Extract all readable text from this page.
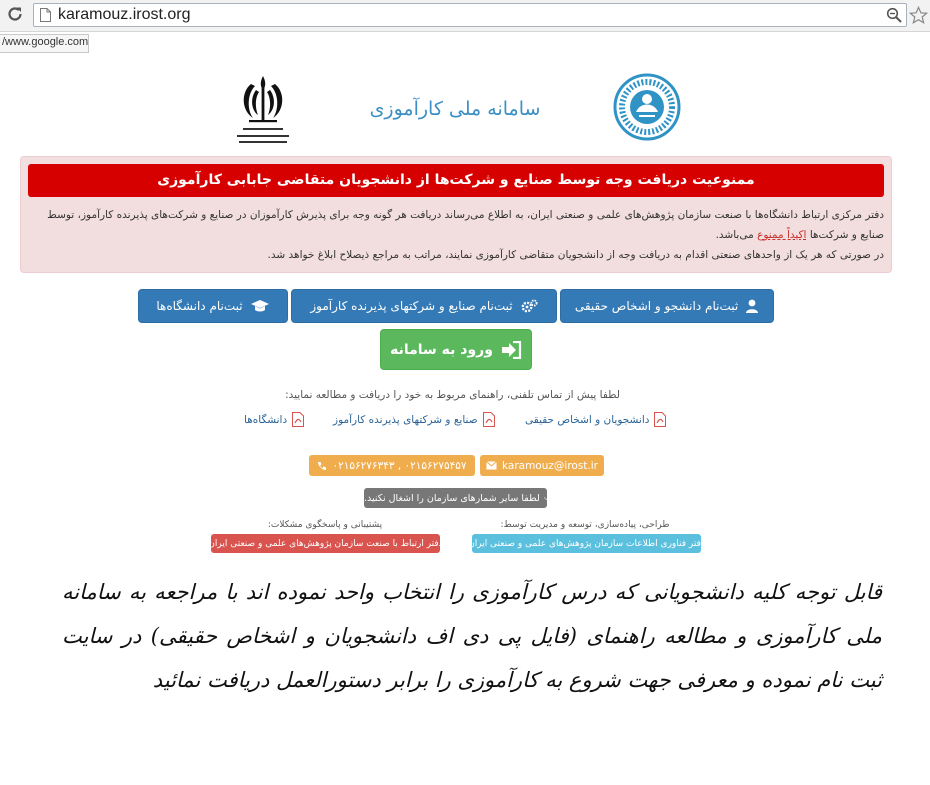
karamouz.irost.org
/www.google.com
سامانه ملی کارآموزی
ممنوعیت دریافت وجه توسط صنایع و شرکت‌ها از دانشجویان متقاضی جابابی کارآموزی
دفتر مرکزی ارتباط دانشگاه‌ها با صنعت سازمان پژوهش‌های علمی و صنعتی ایران، به اطلاع می‌رساند دریافت هر گونه وجه برای پذیرش کارآموزان در صنایع و شرکت‌های پذیرنده کارآموز، توسط صنایع و شرکت‌ها اکیداً ممنوع می‌باشد.
در صورتی که هر یک از واحدهای صنعتی اقدام به دریافت وجه از دانشجویان متقاضی کارآموزی نمایند، مراتب به مراجع ذیصلاح ابلاغ خواهد شد.
ثبت‌نام دانشجو و اشخاص حقیقی
ثبت‌نام صنایع و شرکتهای پذیرنده کارآموز
ثبت‌نام دانشگاه‌ها
ورود به سامانه
لطفا پیش از تماس تلفنی، راهنمای مربوط به خود را دریافت و مطالعه نمایید:
دانشجویان و اشخاص حقیقی
صنایع و شرکتهای پذیرنده کارآموز
دانشگاه‌ها
karamouz@irost.ir
۰۲۱۵۶۲۷۶۳۴۳ , ۰۲۱۵۶۲۷۵۴۵۷
لطفا سایر شمار‌های سازمان را اشغال نکنید.
طراحی، پیاده‌سازی، توسعه و مدیریت توسط:
پشتیبانی و پاسخگوی مشکلات:
دفتر فناوری اطلاعات سازمان پژوهش‌های علمی و صنعتی ایران
دفتر ارتباط با صنعت سازمان پژوهش‌های علمی و صنعتی ایران
قابل توجه کلیه دانشجویانی که درس کارآموزی را انتخاب واحد نموده اند با مراجعه به سامانه ملی کارآموزی و مطالعه راهنمای (فایل پی دی اف دانشجویان و اشخاص حقیقی) در سایت ثبت نام نموده و معرفی جهت شروع به کارآموزی را برابر دستورالعمل دریافت نمائید
